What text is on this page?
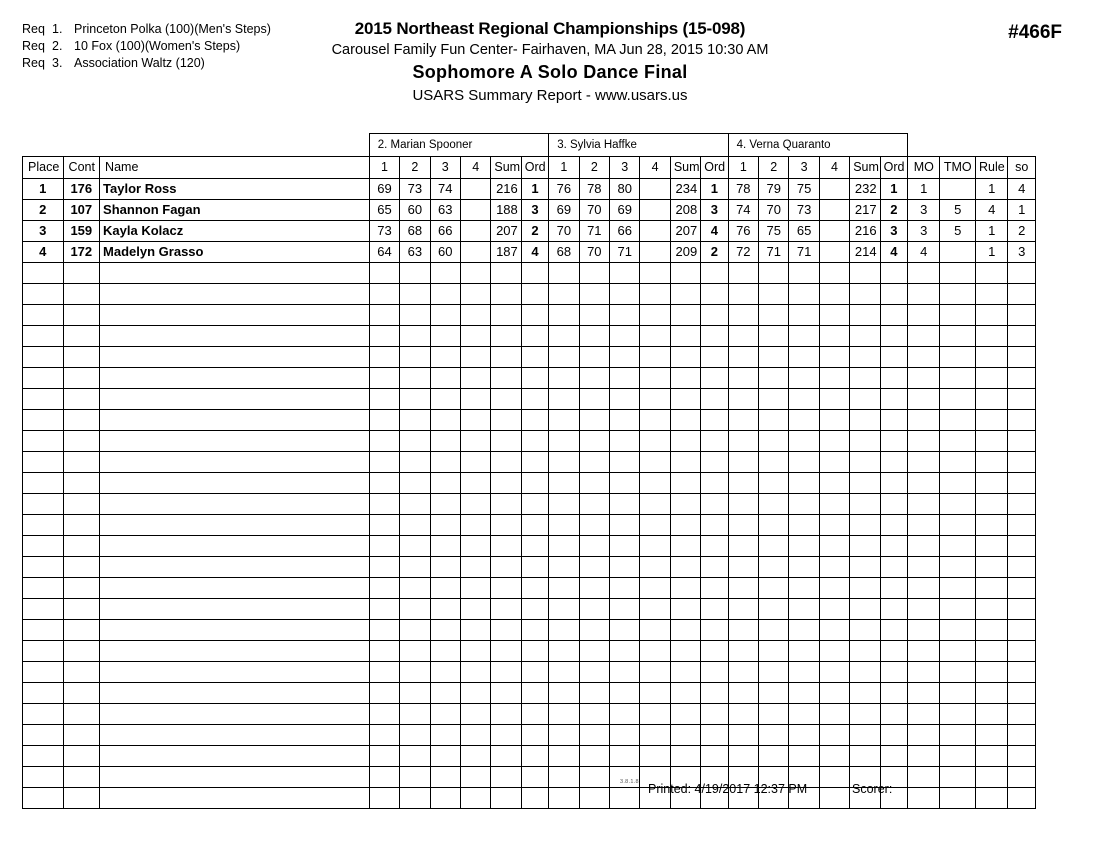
Req 1. Princeton Polka (100)(Men's Steps)
Req 2. 10 Fox (100)(Women's Steps)
Req 3. Association Waltz (120)
2015 Northeast Regional Championships (15-098)
Carousel Family Fun Center- Fairhaven, MA Jun 28, 2015 10:30 AM
Sophomore A Solo Dance Final
USARS Summary Report - www.usars.us
#466F
			2. Marian Spooner						3. Sylvia Haffke						4. Verna Quaranto									
Place	Cont	Name	1	2	3	4	Sum	Ord	1	2	3	4	Sum	Ord	1	2	3	4	Sum	Ord	MO	TMO	Rule	so
1	176	Taylor Ross	69	73	74		216	1	76	78	80		234	1	78	79	75		232	1	1		1	4
2	107	Shannon Fagan	65	60	63		188	3	69	70	69		208	3	74	70	73		217	2	3	5	4	1
3	159	Kayla Kolacz	73	68	66		207	2	70	71	66		207	4	76	75	65		216	3	3	5	1	2
4	172	Madelyn Grasso	64	63	60		187	4	68	70	71		209	2	72	71	71		214	4	4		1	3

3.8.1.8 Printed: 4/19/2017 12:37 PM	Scorer:
